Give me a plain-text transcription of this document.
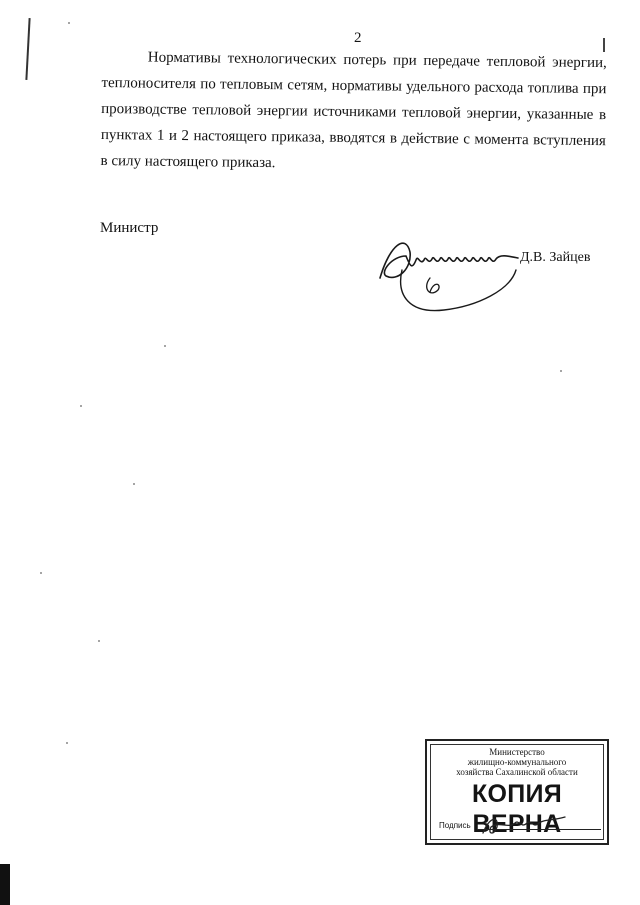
2

Нормативы технологических потерь при передаче тепловой энергии, теплоносителя по тепловым сетям, нормативы удельного расхода топлива при производстве тепловой энергии источниками тепловой энергии, указанные в пунктах 1 и 2 настоящего приказа, вводятся в действие с момента вступления в силу настоящего приказа.

Министр
Д.В. Зайцев
Министерство
жилищно-коммунального
хозяйства Сахалинской области
КОПИЯ ВЕРНА
Подпись
